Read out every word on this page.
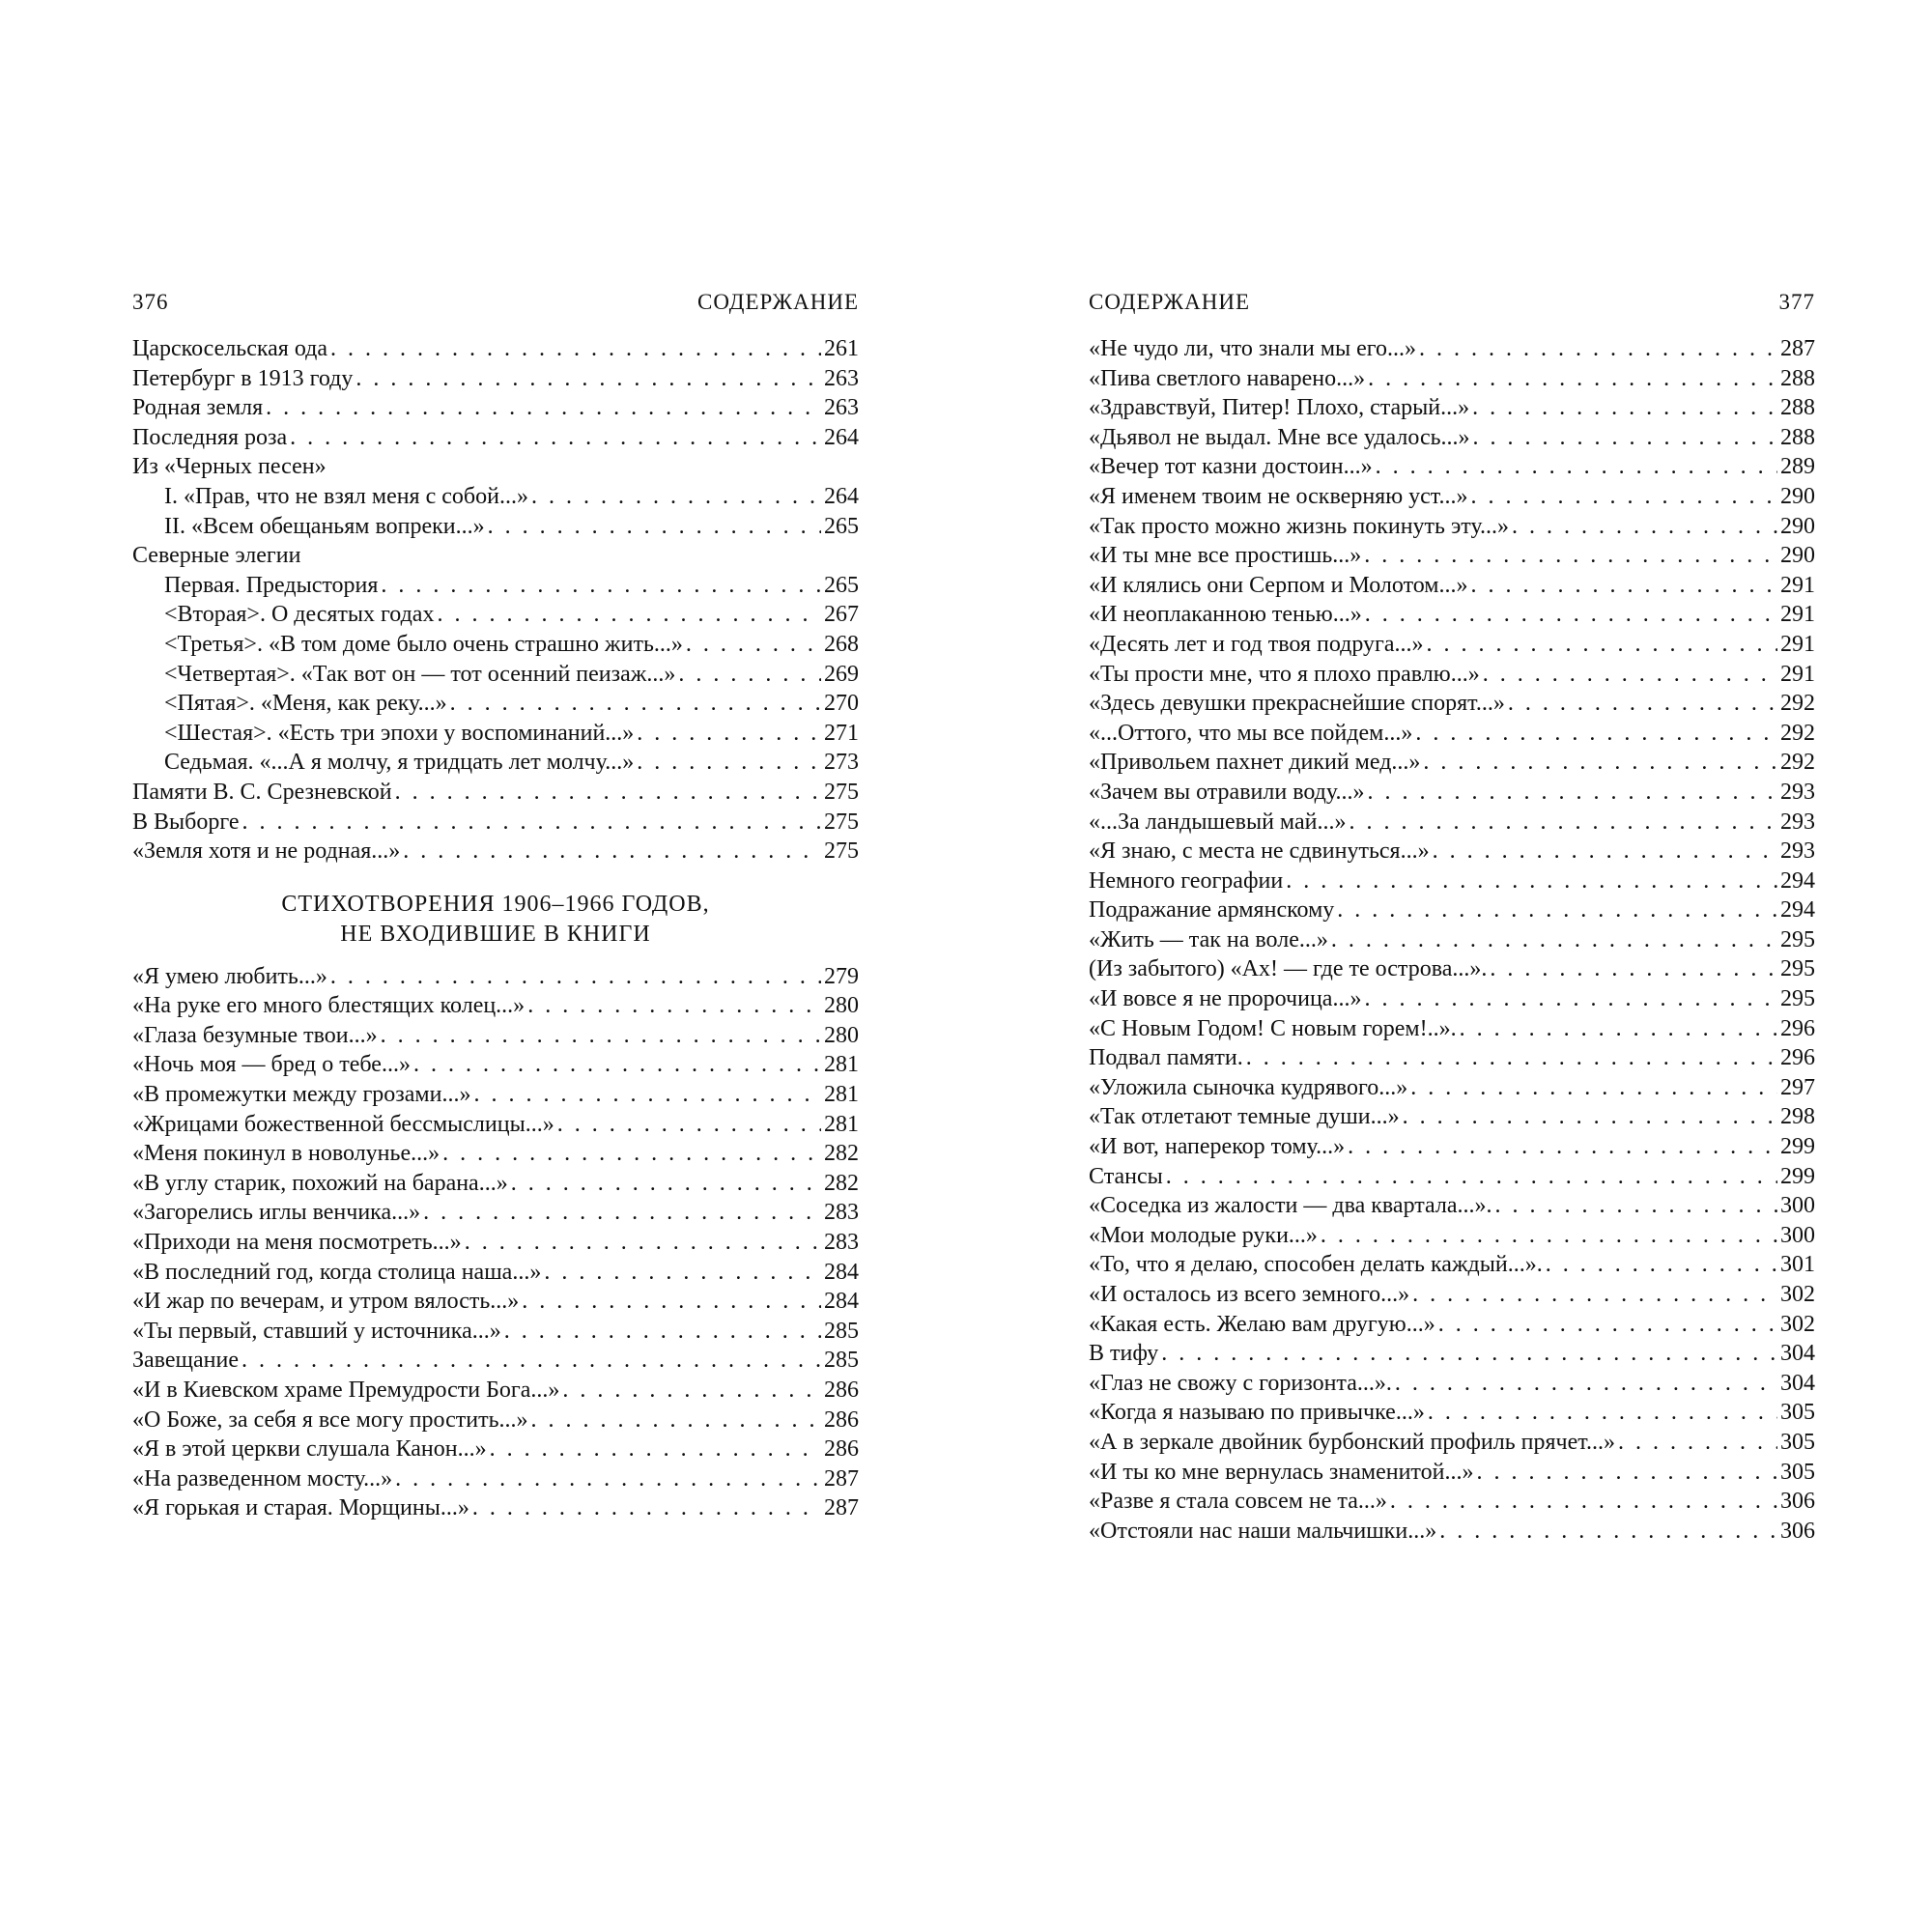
376	СОДЕРЖАНИЕ
Царскосельская ода . . .	261
Петербург в 1913 году . . .	263
Родная земля . . .	263
Последняя роза . . .	264
Из «Черных песен»
I. «Прав, что не взял меня с собой...» . . .	264
II. «Всем обещаньям вопреки...» . . .	265
Северные элегии
Первая. Предыстория . . .	265
<Вторая>. О десятых годах . . .	267
<Третья>. «В том доме было очень страшно жить...» . . .	268
<Четвертая>. «Так вот он — тот осенний пеизаж...» . . .	269
<Пятая>. «Меня, как реку...» . . .	270
<Шестая>. «Есть три эпохи у воспоминаний...» . . .	271
Седьмая. «...А я молчу, я тридцать лет молчу...» . . .	273
Памяти В. С. Срезневской . . .	275
В Выборге . . .	275
«Земля хотя и не родная...» . . .	275
СТИХОТВОРЕНИЯ 1906–1966 ГОДОВ,
НЕ ВХОДИВШИЕ В КНИГИ
«Я умею любить...» . . .	279
«На руке его много блестящих колец...» . . .	280
«Глаза безумные твои...» . . .	280
«Ночь моя — бред о тебе...» . . .	281
«В промежутки между грозами...» . . .	281
«Жрицами божественной бессмыслицы...» . . .	281
«Меня покинул в новолунье...» . . .	282
«В углу старик, похожий на барана...» . . .	282
«Загорелись иглы венчика...» . . .	283
«Приходи на меня посмотреть...» . . .	283
«В последний год, когда столица наша...» . . .	284
«И жар по вечерам, и утром вялость...» . . .	284
«Ты первый, ставший у источника...» . . .	285
Завещание . . .	285
«И в Киевском храме Премудрости Бога...» . . .	286
«О Боже, за себя я все могу простить...» . . .	286
«Я в этой церкви слушала Канон...» . . .	286
«На разведенном мосту...» . . .	287
«Я горькая и старая. Морщины...» . . .	287
СОДЕРЖАНИЕ	377
«Не чудо ли, что знали мы его...» . . .	287
«Пива светлого наварено...» . . .	288
«Здравствуй, Питер! Плохо, старый...» . . .	288
«Дьявол не выдал. Мне все удалось...» . . .	288
«Вечер тот казни достоин...» . . .	289
«Я именем твоим не оскверняю уст...» . . .	290
«Так просто можно жизнь покинуть эту...» . . .	290
«И ты мне все простишь...» . . .	290
«И клялись они Серпом и Молотом...» . . .	291
«И неоплаканною тенью...» . . .	291
«Десять лет и год твоя подруга...» . . .	291
«Ты прости мне, что я плохо правлю...» . . .	291
«Здесь девушки прекраснейшие спорят...» . . .	292
«...Оттого, что мы все пойдем...» . . .	292
«Привольем пахнет дикий мед...» . . .	292
«Зачем вы отравили воду...» . . .	293
«...За ландышевый май...» . . .	293
«Я знаю, с места не сдвинуться...» . . .	293
Немного географии . . .	294
Подражание армянскому . . .	294
«Жить — так на воле...» . . .	295
(Из забытого) «Ах! — где те острова...». . . .	295
«И вовсе я не пророчица...» . . .	295
«С Новым Годом! С новым горем!..». . . .	296
Подвал памяти. . . .	296
«Уложила сыночка кудрявого...» . . .	297
«Так отлетают темные души...» . . .	298
«И вот, наперекор тому...» . . .	299
Стансы . . .	299
«Соседка из жалости — два квартала...». . . .	300
«Мои молодые руки...» . . .	300
«То, что я делаю, способен делать каждый...». . . .	301
«И осталось из всего земного...» . . .	302
«Какая есть. Желаю вам другую...» . . .	302
В тифу . . .	304
«Глаз не свожу с горизонта...». . . .	304
«Когда я называю по привычке...» . . .	305
«А в зеркале двойник бурбонский профиль прячет...» . . .	305
«И ты ко мне вернулась знаменитой...» . . .	305
«Разве я стала совсем не та...» . . .	306
«Отстояли нас наши мальчишки...» . . .	306
